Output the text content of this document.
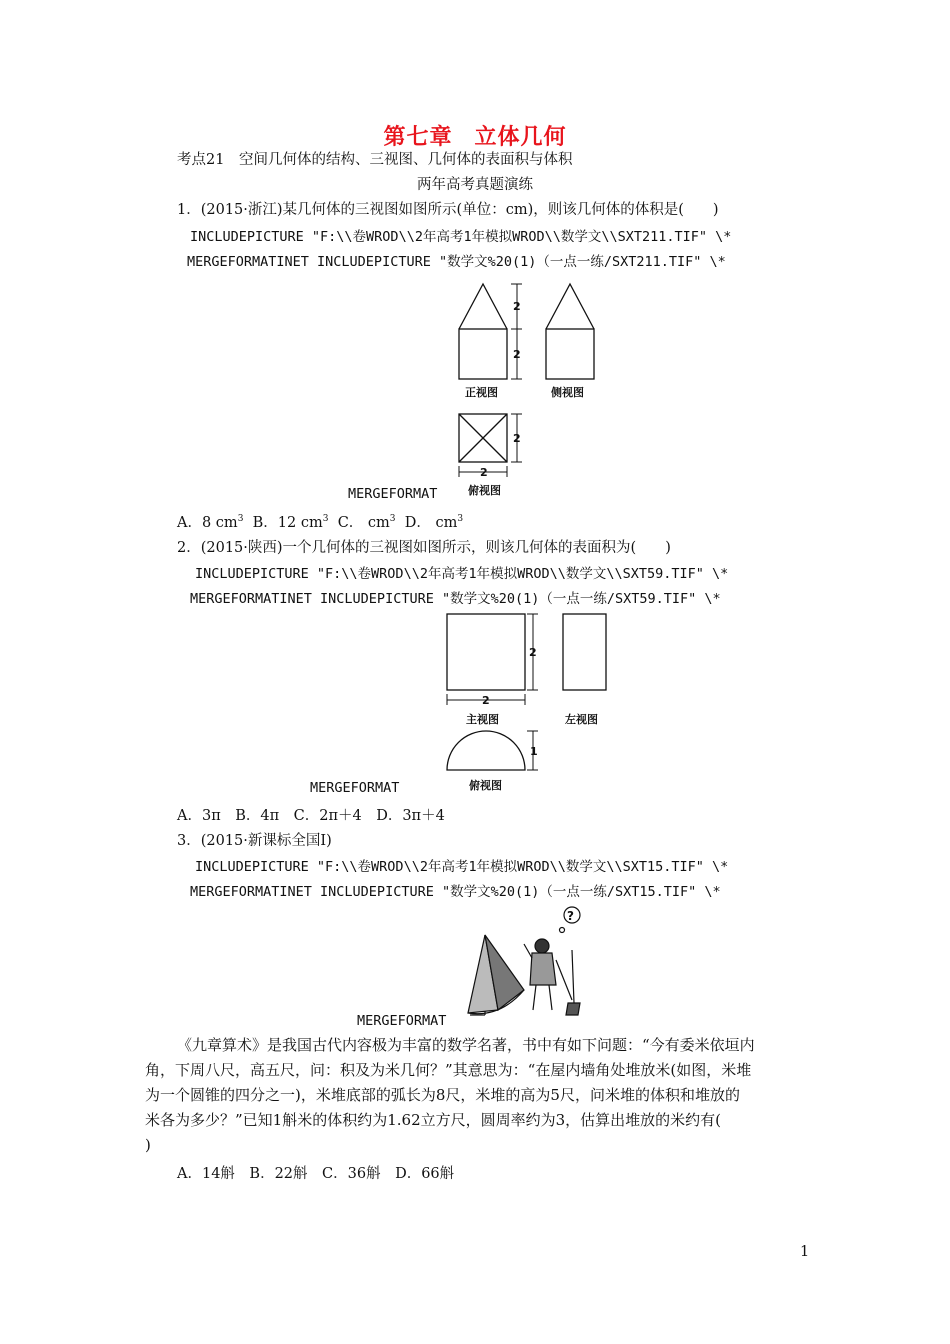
第七章 立体几何
考点21　空间几何体的结构、三视图、几何体的表面积与体积
两年高考真题演练
1．(2015·浙江)某几何体的三视图如图所示(单位：cm)，则该几何体的体积是(　　)
INCLUDEPICTURE "F:\\卷WROD\\2年高考1年模拟WROD\\数学文\\SXT211.TIF" \*
MERGEFORMATINET INCLUDEPICTURE "数学文%20(1)（一点一练/SXT211.TIF" \*
2
2
2
2
正视图	侧视图
俯视图
MERGEFORMAT
A．8 $cm^3$ B．12 $cm^3$ C． $cm^3$ D． $cm^3$
2．(2015·陕西)一个几何体的三视图如图所示，则该几何体的表面积为(　　)
INCLUDEPICTURE "F:\\卷WROD\\2年高考1年模拟WROD\\数学文\\SXT59.TIF" \*
MERGEFORMATINET INCLUDEPICTURE "数学文%20(1)（一点一练/SXT59.TIF" \*
2
2
1
主视图	左视图
俯视图
MERGEFORMAT
A．3π　B．4π　C．2π＋4　D．3π＋4
3．(2015·新课标全国Ⅰ)
INCLUDEPICTURE "F:\\卷WROD\\2年高考1年模拟WROD\\数学文\\SXT15.TIF" \*
MERGEFORMATINET INCLUDEPICTURE "数学文%20(1)（一点一练/SXT15.TIF" \*
?
MERGEFORMAT
《九章算术》是我国古代内容极为丰富的数学名著，书中有如下问题：“今有委米依垣内
角，下周八尺，高五尺，问：积及为米几何？”其意思为：“在屋内墙角处堆放米(如图，米堆
为一个圆锥的四分之一)，米堆底部的弧长为8尺，米堆的高为5尺，问米堆的体积和堆放的
米各为多少？”已知1斛米的体积约为1.62立方尺，圆周率约为3，估算出堆放的米约有(
)
A．14斛　B．22斛　C．36斛　D．66斛
1
